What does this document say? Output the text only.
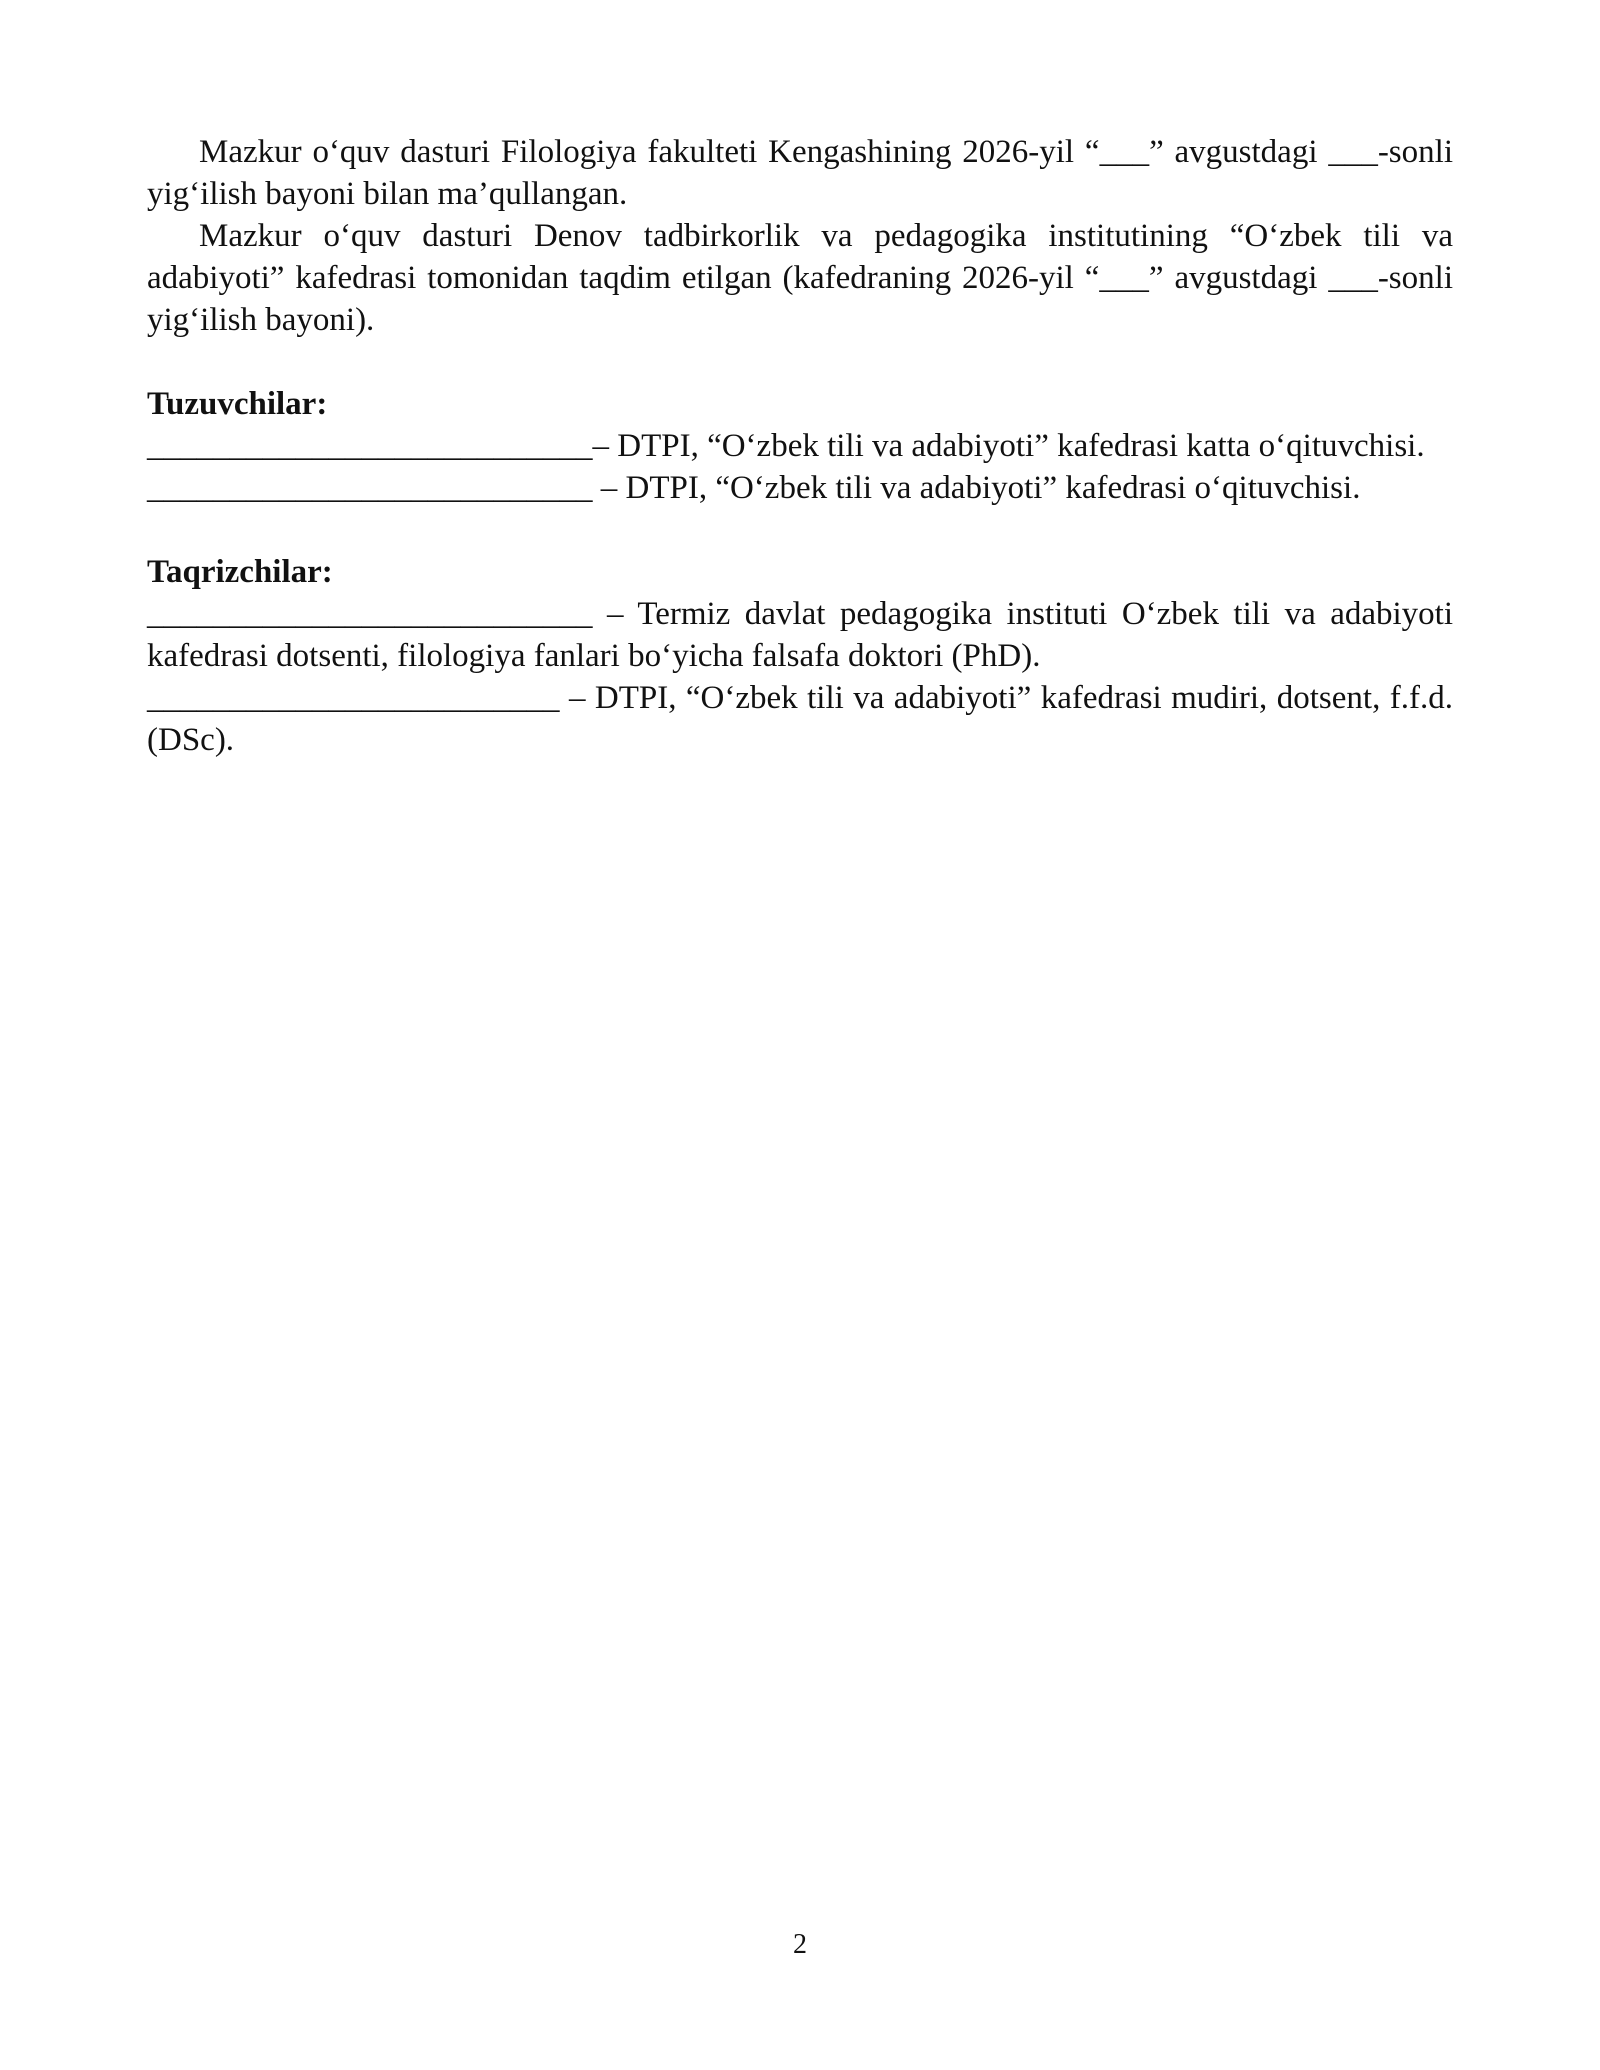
Mazkur o‘quv dasturi Filologiya fakulteti Kengashining 2026-yil “___” avgustdagi ___-sonli yig‘ilish bayoni bilan ma’qullangan.

Mazkur o‘quv dasturi Denov tadbirkorlik va pedagogika institutining “O‘zbek tili va adabiyoti” kafedrasi tomonidan taqdim etilgan (kafedraning 2026-yil “___” avgustdagi ___-sonli yig‘ilish bayoni).

Tuzuvchilar:

___________________________– DTPI, “O‘zbek tili va adabiyoti” kafedrasi katta o‘qituvchisi.

___________________________ – DTPI, “O‘zbek tili va adabiyoti” kafedrasi o‘qituvchisi.

Taqrizchilar:

___________________________ – Termiz davlat pedagogika instituti O‘zbek tili va adabiyoti kafedrasi dotsenti, filologiya fanlari bo‘yicha falsafa doktori (PhD).

_________________________ – DTPI, “O‘zbek tili va adabiyoti” kafedrasi mudiri, dotsent, f.f.d. (DSc).

2
